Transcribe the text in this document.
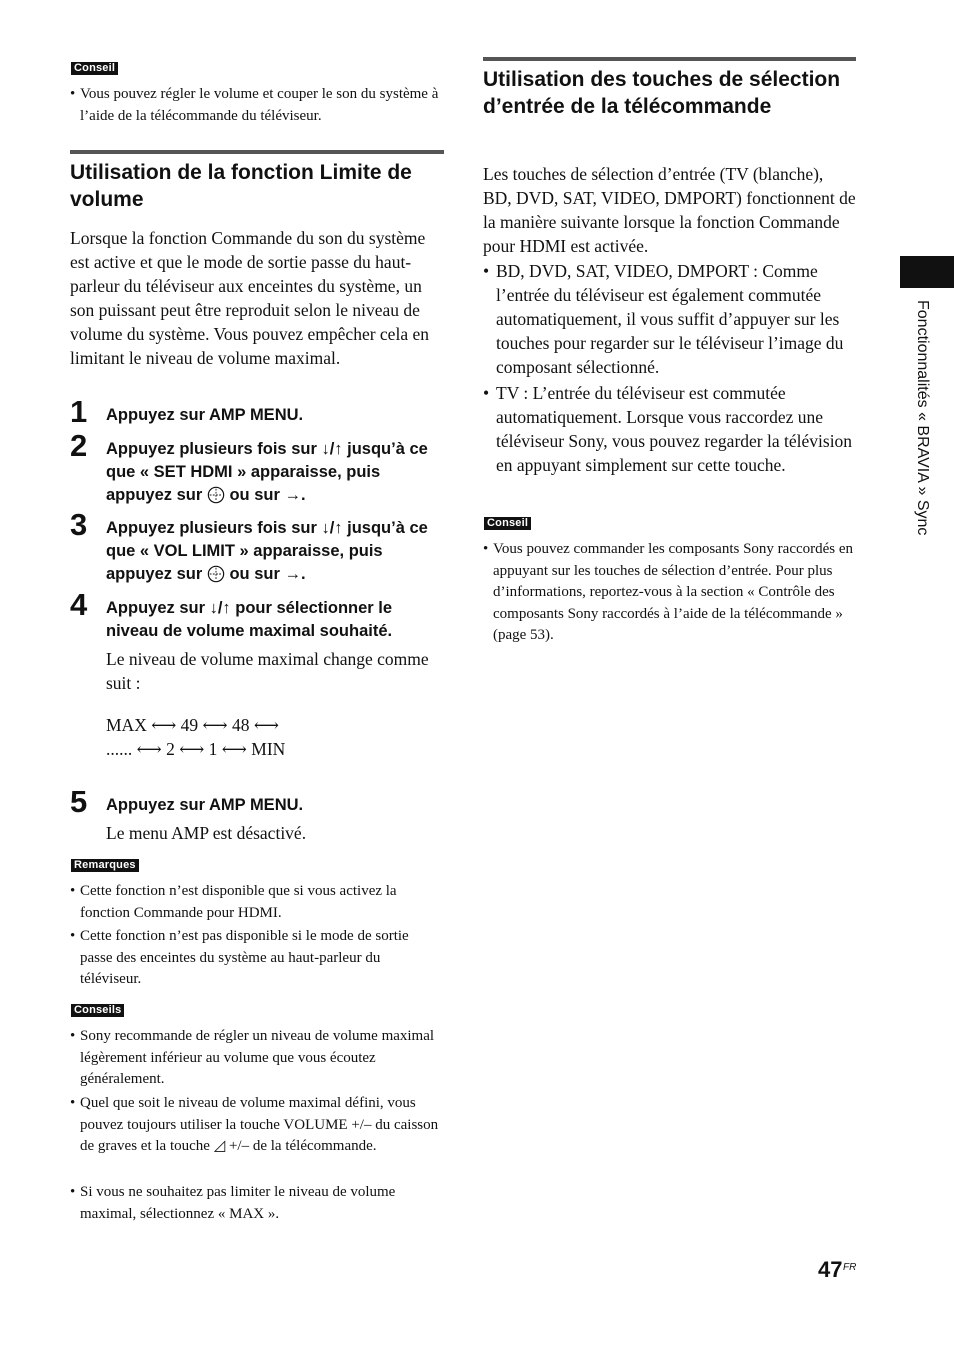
Conseil
• Vous pouvez régler le volume et couper le son du système à l’aide de la télécommande du téléviseur.
Utilisation de la fonction Limite de volume
Lorsque la fonction Commande du son du système est active et que le mode de sortie passe du haut-parleur du téléviseur aux enceintes du système, un son puissant peut être reproduit selon le niveau de volume du système. Vous pouvez empêcher cela en limitant le niveau de volume maximal.
1 Appuyez sur AMP MENU.
2 Appuyez plusieurs fois sur ↓/↑ jusqu’à ce que « SET HDMI » apparaisse, puis appuyez sur ou sur →.
3 Appuyez plusieurs fois sur ↓/↑ jusqu’à ce que « VOL LIMIT » apparaisse, puis appuyez sur ou sur →.
4 Appuyez sur ↓/↑ pour sélectionner le niveau de volume maximal souhaité.
Le niveau de volume maximal change comme suit :
MAX ⟷ 49 ⟷ 48 ⟷
...... ⟷ 2 ⟷ 1 ⟷ MIN
5 Appuyez sur AMP MENU.
Le menu AMP est désactivé.
Remarques
• Cette fonction n’est disponible que si vous activez la fonction Commande pour HDMI.
• Cette fonction n’est pas disponible si le mode de sortie passe des enceintes du système au haut-parleur du téléviseur.
Conseils
• Sony recommande de régler un niveau de volume maximal légèrement inférieur au volume que vous écoutez généralement.
• Quel que soit le niveau de volume maximal défini, vous pouvez toujours utiliser la touche VOLUME +/– du caisson de graves et la touche ◿ +/– de la télécommande.
• Si vous ne souhaitez pas limiter le niveau de volume maximal, sélectionnez « MAX ».
Utilisation des touches de sélection d’entrée de la télécommande
Les touches de sélection d’entrée (TV (blanche), BD, DVD, SAT, VIDEO, DMPORT) fonctionnent de la manière suivante lorsque la fonction Commande pour HDMI est activée.
• BD, DVD, SAT, VIDEO, DMPORT : Comme l’entrée du téléviseur est également commutée automatiquement, il vous suffit d’appuyer sur les touches pour regarder sur le téléviseur l’image du composant sélectionné.
• TV : L’entrée du téléviseur est commutée automatiquement. Lorsque vous raccordez une téléviseur Sony, vous pouvez regarder la télévision en appuyant simplement sur cette touche.
Conseil
• Vous pouvez commander les composants Sony raccordés en appuyant sur les touches de sélection d’entrée. Pour plus d’informations, reportez-vous à la section « Contrôle des composants Sony raccordés à l’aide de la télécommande » (page 53).
Fonctionnalités « BRAVIA » Sync
47 FR
